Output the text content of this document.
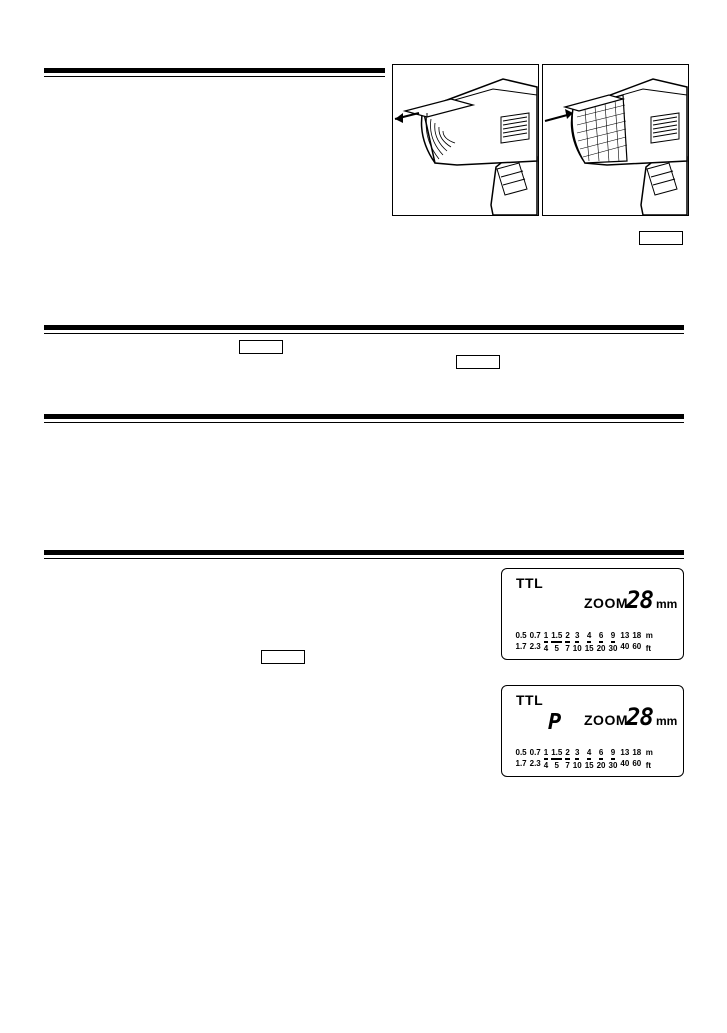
TTL
ZOOM
28 mm
0.5
1.7
0.7
2.3
1
4
1.5
5
2
7
3
10
4
15
6
20
9
30
13
40
18
60
m
ft
TTL
P ZOOM
28 mm
0.5
1.7
0.7
2.3
1
4
1.5
5
2
7
3
10
4
15
6
20
9
30
13
40
18
60
m
ft
